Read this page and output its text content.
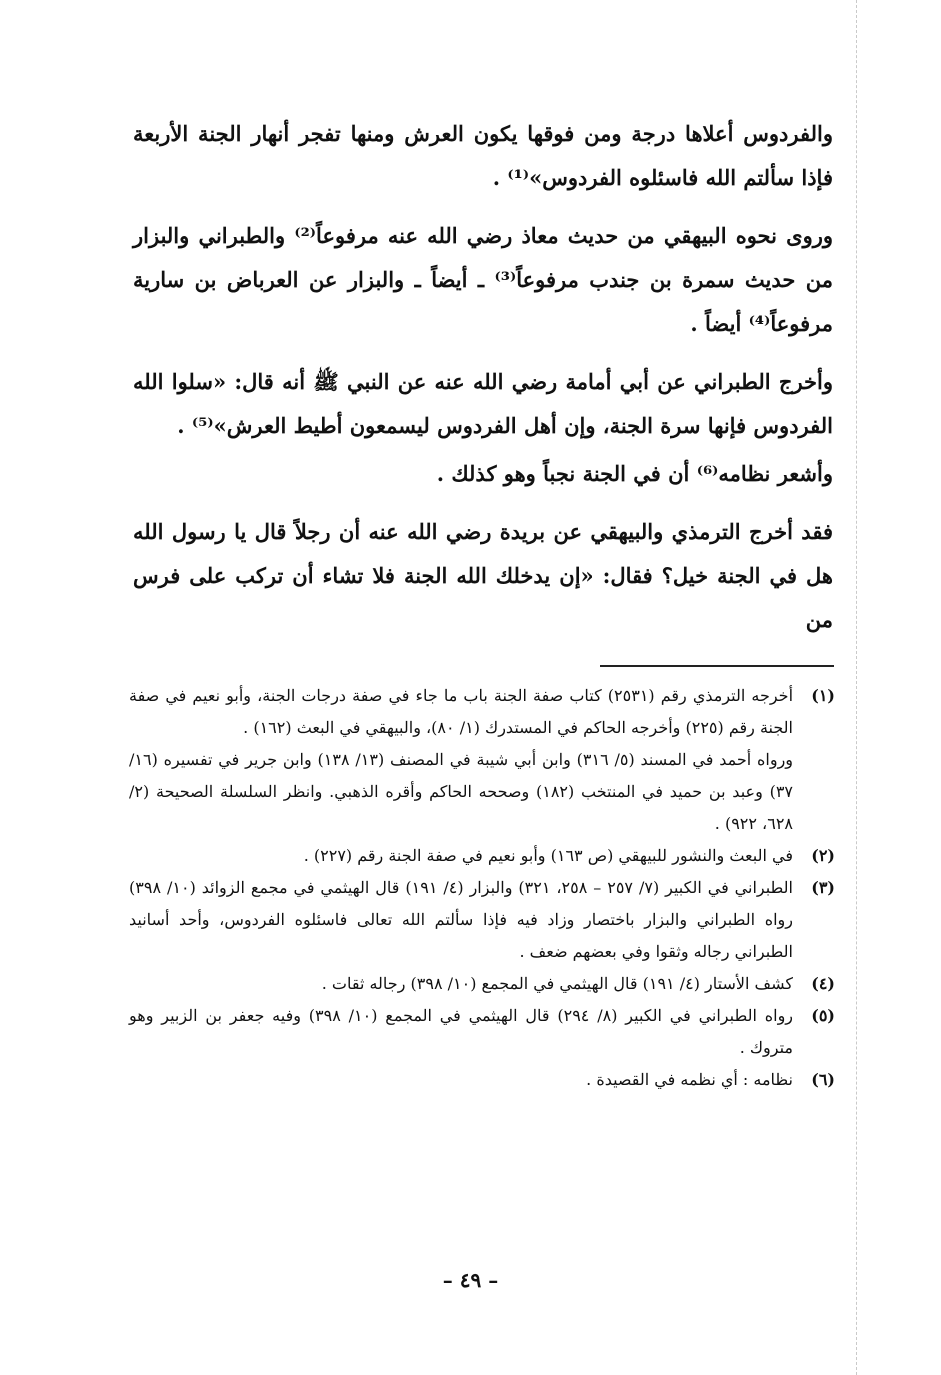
والفردوس أعلاها درجة ومن فوقها يكون العرش ومنها تفجر أنهار الجنة الأربعة فإذا سألتم الله فاسئلوه الفردوس»⁽¹⁾ .

وروى نحوه البيهقي من حديث معاذ رضي الله عنه مرفوعاً⁽²⁾ والطبراني والبزار من حديث سمرة بن جندب مرفوعاً⁽³⁾ ـ أيضاً ـ والبزار عن العرباض بن سارية مرفوعاً⁽⁴⁾ أيضاً .

وأخرج الطبراني عن أبي أمامة رضي الله عنه عن النبي ﷺ أنه قال: «سلوا الله الفردوس فإنها سرة الجنة، وإن أهل الفردوس ليسمعون أطيط العرش»⁽⁵⁾ .

وأشعر نظامه⁽⁶⁾ أن في الجنة نجباً وهو كذلك .

فقد أخرج الترمذي والبيهقي عن بريدة رضي الله عنه أن رجلاً قال يا رسول الله هل في الجنة خيل؟ فقال: «إن يدخلك الله الجنة فلا تشاء أن تركب على فرس من

(١)
أخرجه الترمذي رقم (٢٥٣١) كتاب صفة الجنة باب ما جاء في صفة درجات الجنة، وأبو نعيم في صفة الجنة رقم (٢٢٥) وأخرجه الحاكم في المستدرك (١/ ٨٠)، والبيهقي في البعث (١٦٢) .
ورواه أحمد في المسند (٥/ ٣١٦) وابن أبي شيبة في المصنف (١٣/ ١٣٨) وابن جرير في تفسيره (١٦/ ٣٧) وعبد بن حميد في المنتخب (١٨٢) وصححه الحاكم وأقره الذهبي. وانظر السلسلة الصحيحة (٢/ ٦٢٨، ٩٢٢) .
(٢)
في البعث والنشور للبيهقي (ص ١٦٣) وأبو نعيم في صفة الجنة رقم (٢٢٧) .
(٣)
الطبراني في الكبير (٧/ ٢٥٧ – ٢٥٨، ٣٢١) والبزار (٤/ ١٩١) قال الهيثمي في مجمع الزوائد (١٠/ ٣٩٨) رواه الطبراني والبزار باختصار وزاد فيه فإذا سألتم الله تعالى فاسئلوه الفردوس، وأحد أسانيد الطبراني رجاله وثقوا وفي بعضهم ضعف .
(٤)
كشف الأستار (٤/ ١٩١) قال الهيثمي في المجمع (١٠/ ٣٩٨) رجاله ثقات .
(٥)
رواه الطبراني في الكبير (٨/ ٢٩٤) قال الهيثمي في المجمع (١٠/ ٣٩٨) وفيه جعفر بن الزبير وهو متروك .
(٦)
نظامه : أي نظمه في القصيدة .
– ٤٩ –
